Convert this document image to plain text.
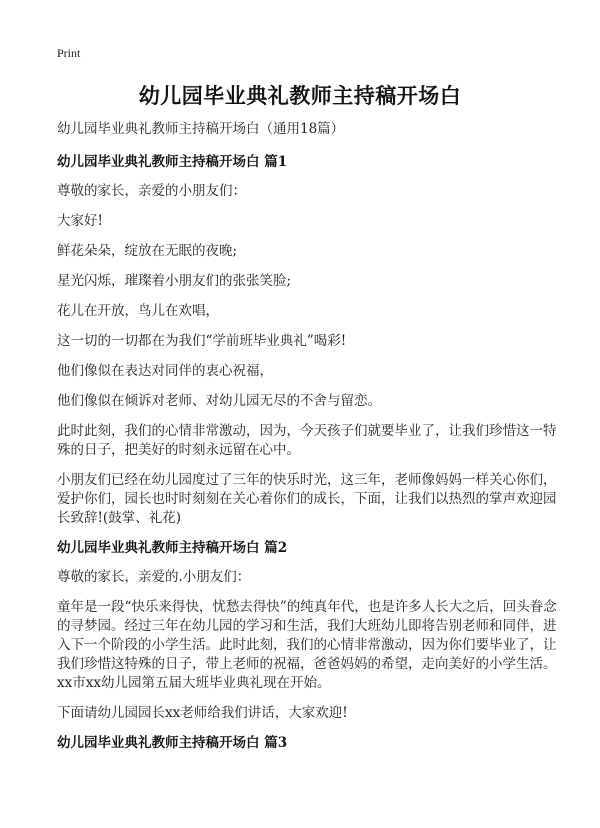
Print
幼儿园毕业典礼教师主持稿开场白

幼儿园毕业典礼教师主持稿开场白（通用18篇）

幼儿园毕业典礼教师主持稿开场白 篇1

尊敬的家长，亲爱的小朋友们：

大家好!

鲜花朵朵，绽放在无眠的夜晚;

星光闪烁，璀璨着小朋友们的张张笑脸;

花儿在开放，鸟儿在欢唱，

这一切的一切都在为我们“学前班毕业典礼”喝彩!

他们像似在表达对同伴的衷心祝福，

他们像似在倾诉对老师、对幼儿园无尽的不舍与留恋。

此时此刻，我们的心情非常激动，因为，今天孩子们就要毕业了，让我们珍惜这一特殊的日子，把美好的时刻永远留在心中。

小朋友们已经在幼儿园度过了三年的快乐时光，这三年，老师像妈妈一样关心你们，爱护你们，园长也时时刻刻在关心着你们的成长，下面，让我们以热烈的掌声欢迎园长致辞!(鼓掌、礼花)

幼儿园毕业典礼教师主持稿开场白 篇2

尊敬的家长，亲爱的.小朋友们：

童年是一段“快乐来得快，忧愁去得快”的纯真年代，也是许多人长大之后，回头眷念的寻梦园。经过三年在幼儿园的学习和生活，我们大班幼儿即将告别老师和同伴，进入下一个阶段的小学生活。此时此刻，我们的心情非常激动，因为你们要毕业了，让我们珍惜这特殊的日子，带上老师的祝福，爸爸妈妈的希望，走向美好的小学生活。xx市xx幼儿园第五届大班毕业典礼现在开始。

下面请幼儿园园长xx老师给我们讲话，大家欢迎!

幼儿园毕业典礼教师主持稿开场白 篇3
